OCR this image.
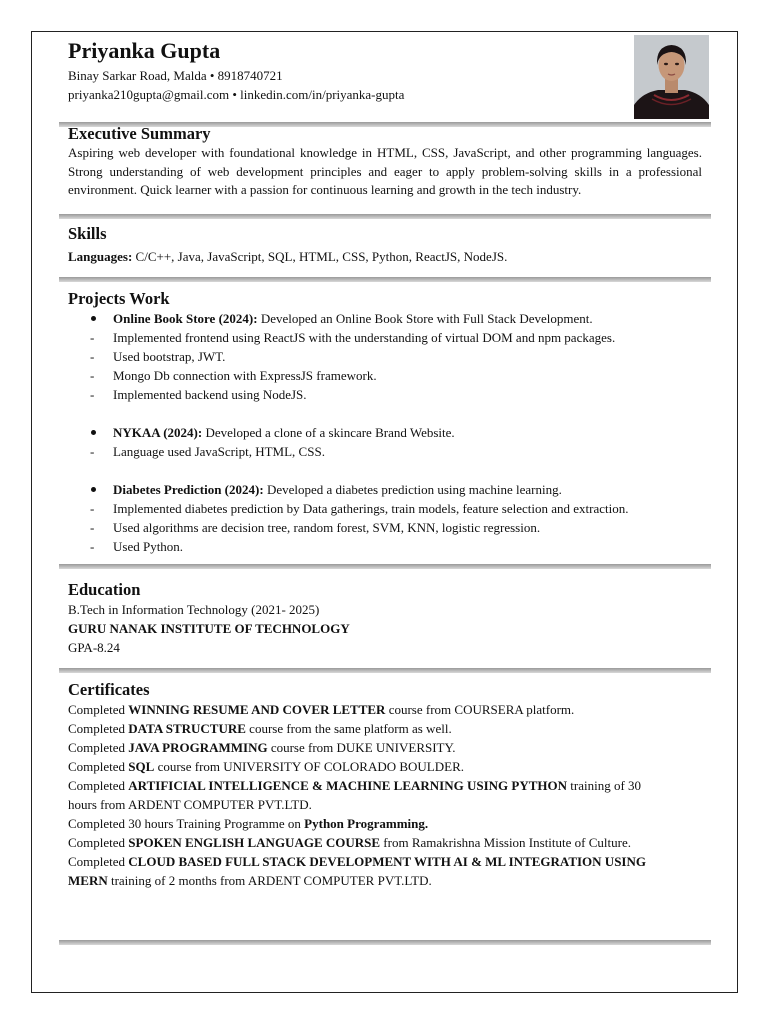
Priyanka Gupta
Binay Sarkar Road, Malda • 8918740721
priyanka210gupta@gmail.com • linkedin.com/in/priyanka-gupta
Executive Summary
Aspiring web developer with foundational knowledge in HTML, CSS, JavaScript, and other programming languages. Strong understanding of web development principles and eager to apply problem-solving skills in a professional environment. Quick learner with a passion for continuous learning and growth in the tech industry.
Skills
Languages: C/C++, Java, JavaScript, SQL, HTML, CSS, Python, ReactJS, NodeJS.
Projects Work
Online Book Store (2024): Developed an Online Book Store with Full Stack Development.
- Implemented frontend using ReactJS with the understanding of virtual DOM and npm packages.
- Used bootstrap, JWT.
- Mongo Db connection with ExpressJS framework.
- Implemented backend using NodeJS.
NYKAA (2024): Developed a clone of a skincare Brand Website.
- Language used JavaScript, HTML, CSS.
Diabetes Prediction (2024): Developed a diabetes prediction using machine learning.
- Implemented diabetes prediction by Data gatherings, train models, feature selection and extraction.
- Used algorithms are decision tree, random forest, SVM, KNN, logistic regression.
- Used Python.
Education
B.Tech in Information Technology (2021- 2025)
GURU NANAK INSTITUTE OF TECHNOLOGY
GPA-8.24
Certificates
Completed WINNING RESUME AND COVER LETTER course from COURSERA platform.
Completed DATA STRUCTURE course from the same platform as well.
Completed JAVA PROGRAMMING course from DUKE UNIVERSITY.
Completed SQL course from UNIVERSITY OF COLORADO BOULDER.
Completed ARTIFICIAL INTELLIGENCE & MACHINE LEARNING USING PYTHON training of 30
hours from ARDENT COMPUTER PVT.LTD.
Completed 30 hours Training Programme on Python Programming.
Completed SPOKEN ENGLISH LANGUAGE COURSE from Ramakrishna Mission Institute of Culture.
Completed CLOUD BASED FULL STACK DEVELOPMENT WITH AI & ML INTEGRATION USING
MERN training of 2 months from ARDENT COMPUTER PVT.LTD.
